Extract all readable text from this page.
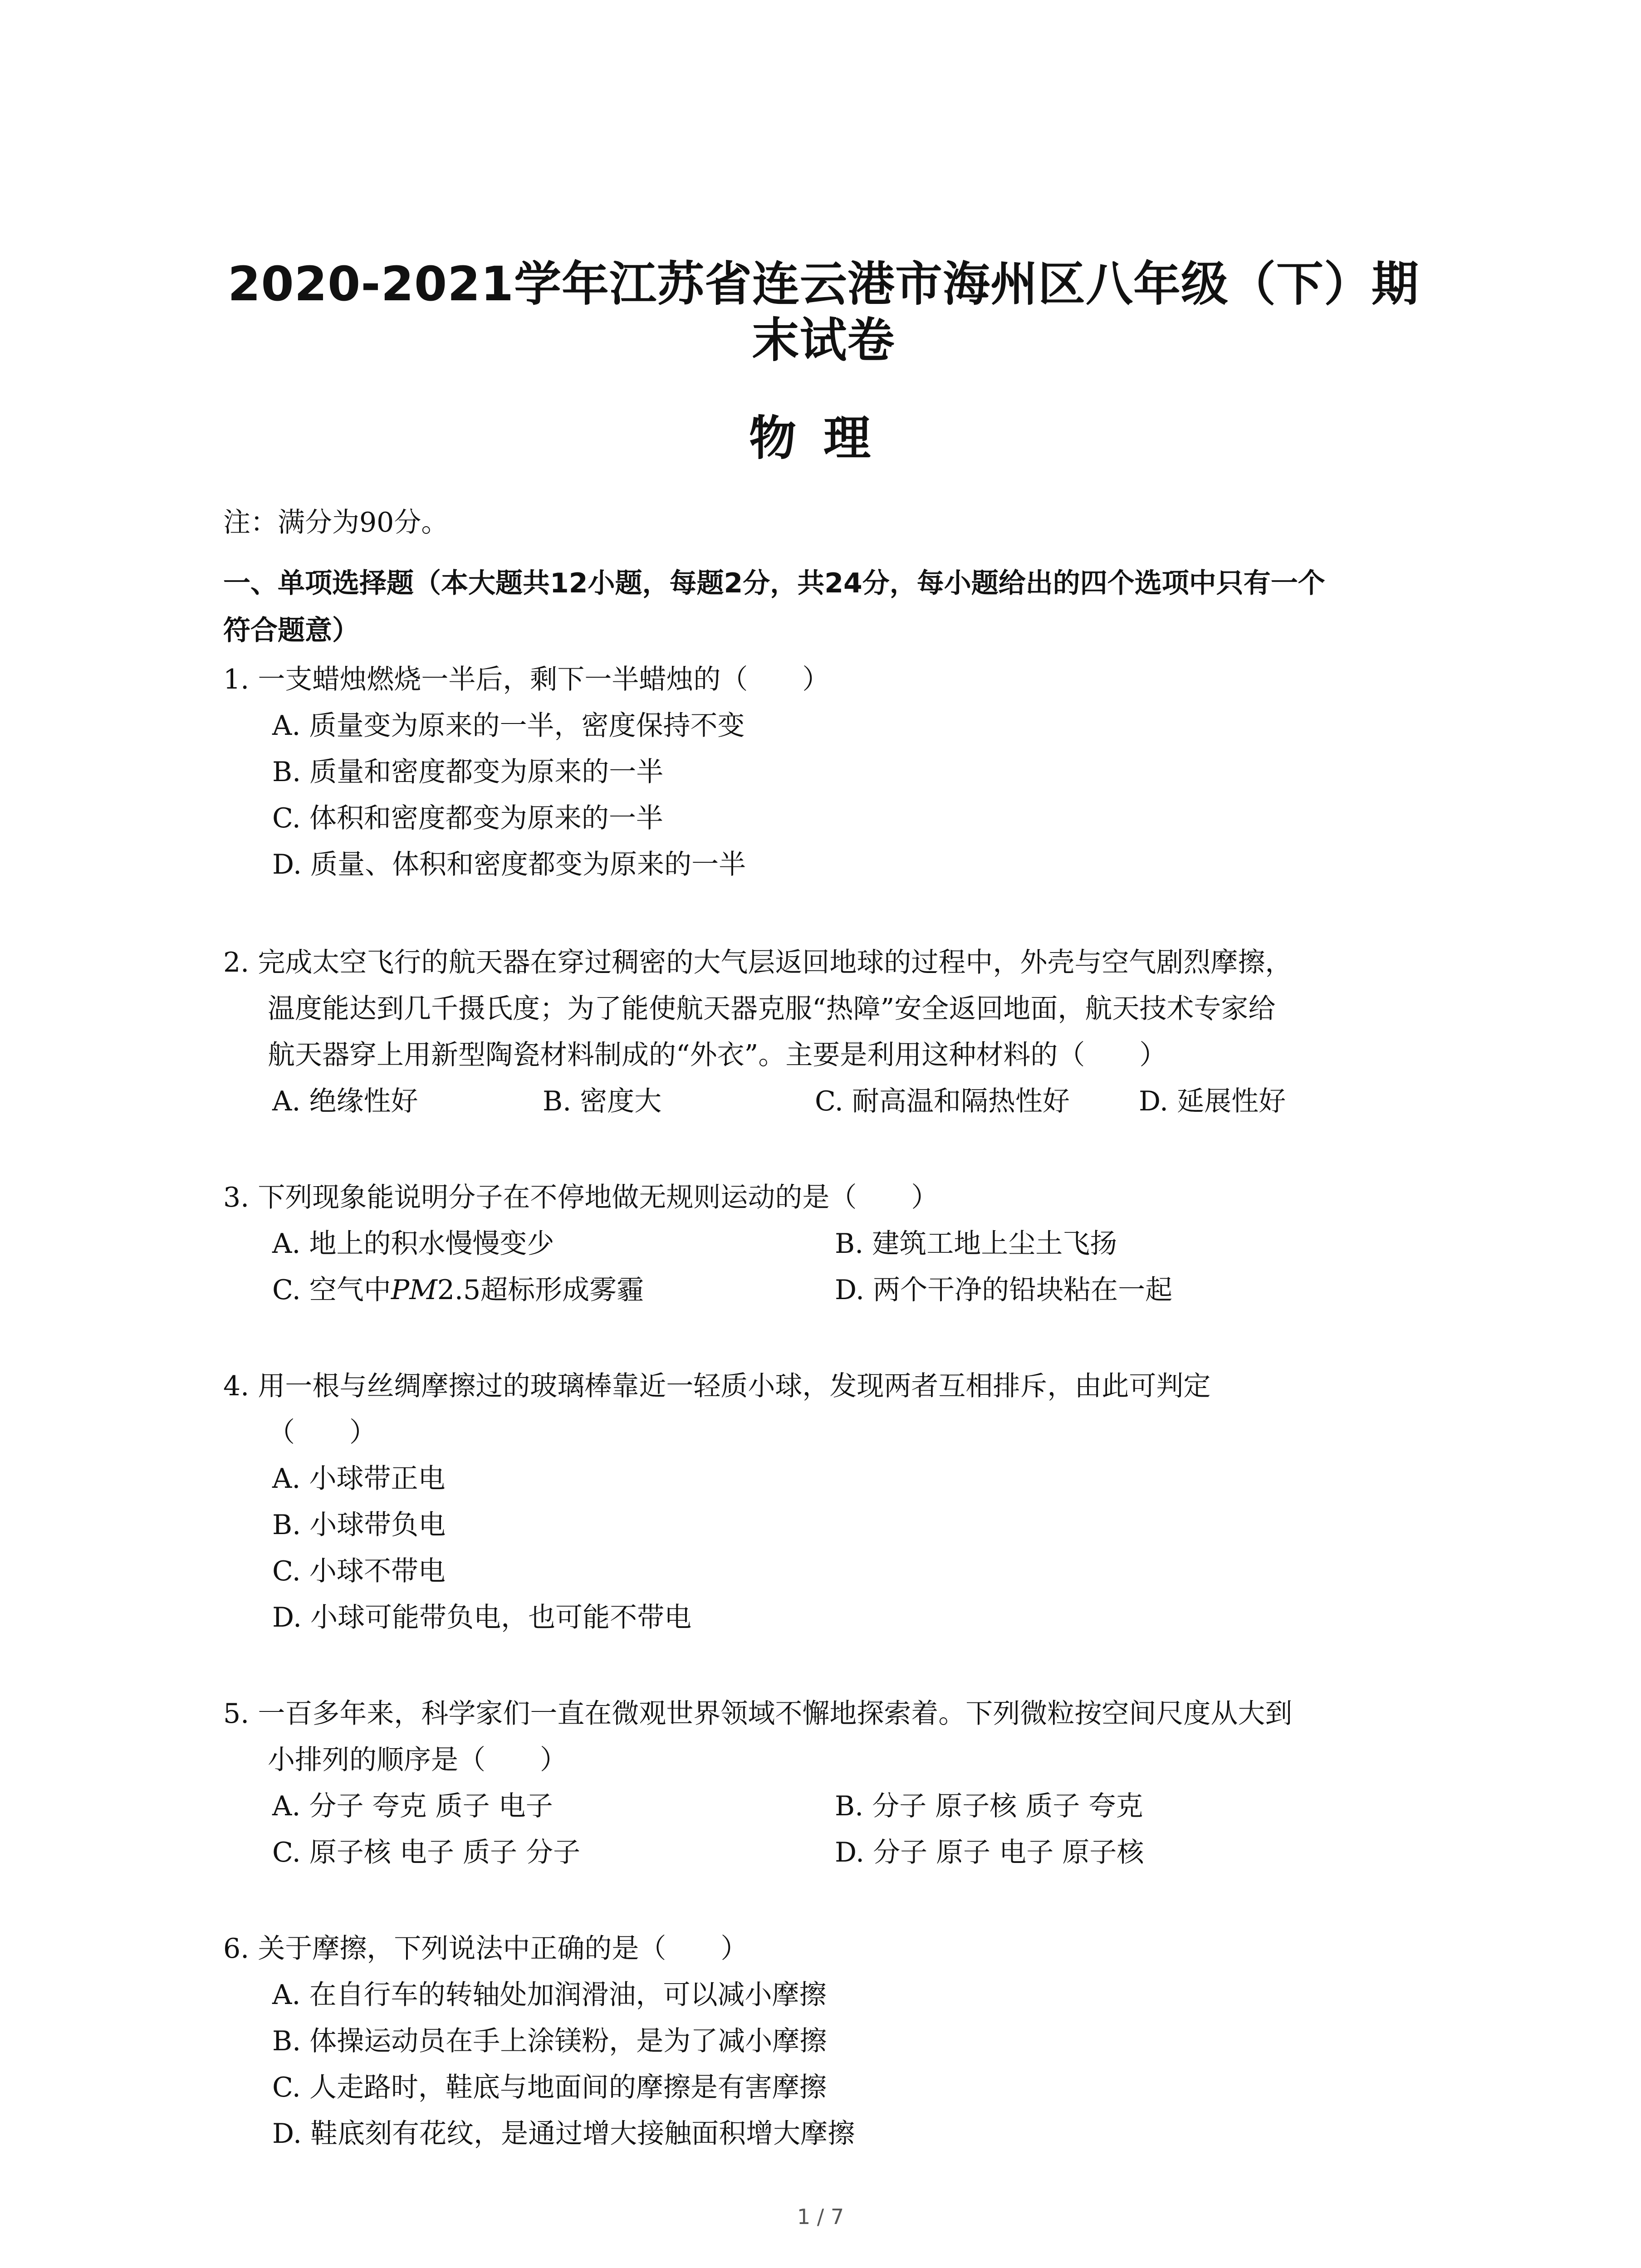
2020-2021学年江苏省连云港市海州区八年级（下）期
末试卷
物理
注：满分为90分。
一、单项选择题（本大题共12小题，每题2分，共24分，每小题给出的四个选项中只有一个
符合题意）
1. 一支蜡烛燃烧一半后，剩下一半蜡烛的（　　）
A. 质量变为原来的一半，密度保持不变
B. 质量和密度都变为原来的一半
C. 体积和密度都变为原来的一半
D. 质量、体积和密度都变为原来的一半
2. 完成太空飞行的航天器在穿过稠密的大气层返回地球的过程中，外壳与空气剧烈摩擦，
温度能达到几千摄氏度；为了能使航天器克服“热障”安全返回地面，航天技术专家给
航天器穿上用新型陶瓷材料制成的“外衣”。主要是利用这种材料的（　　）
A. 绝缘性好	B. 密度大	C. 耐高温和隔热性好	D. 延展性好
3. 下列现象能说明分子在不停地做无规则运动的是（　　）
A. 地上的积水慢慢变少	B. 建筑工地上尘土飞扬
C. 空气中PM2.5超标形成雾霾	D. 两个干净的铅块粘在一起
4. 用一根与丝绸摩擦过的玻璃棒靠近一轻质小球，发现两者互相排斥，由此可判定
（　　）
A. 小球带正电
B. 小球带负电
C. 小球不带电
D. 小球可能带负电，也可能不带电
5. 一百多年来，科学家们一直在微观世界领域不懈地探索着。下列微粒按空间尺度从大到
小排列的顺序是（　　）
A. 分子 夸克 质子 电子	B. 分子 原子核 质子 夸克
C. 原子核 电子 质子 分子	D. 分子 原子 电子 原子核
6. 关于摩擦，下列说法中正确的是（　　）
A. 在自行车的转轴处加润滑油，可以减小摩擦
B. 体操运动员在手上涂镁粉，是为了减小摩擦
C. 人走路时，鞋底与地面间的摩擦是有害摩擦
D. 鞋底刻有花纹，是通过增大接触面积增大摩擦
1 / 7
